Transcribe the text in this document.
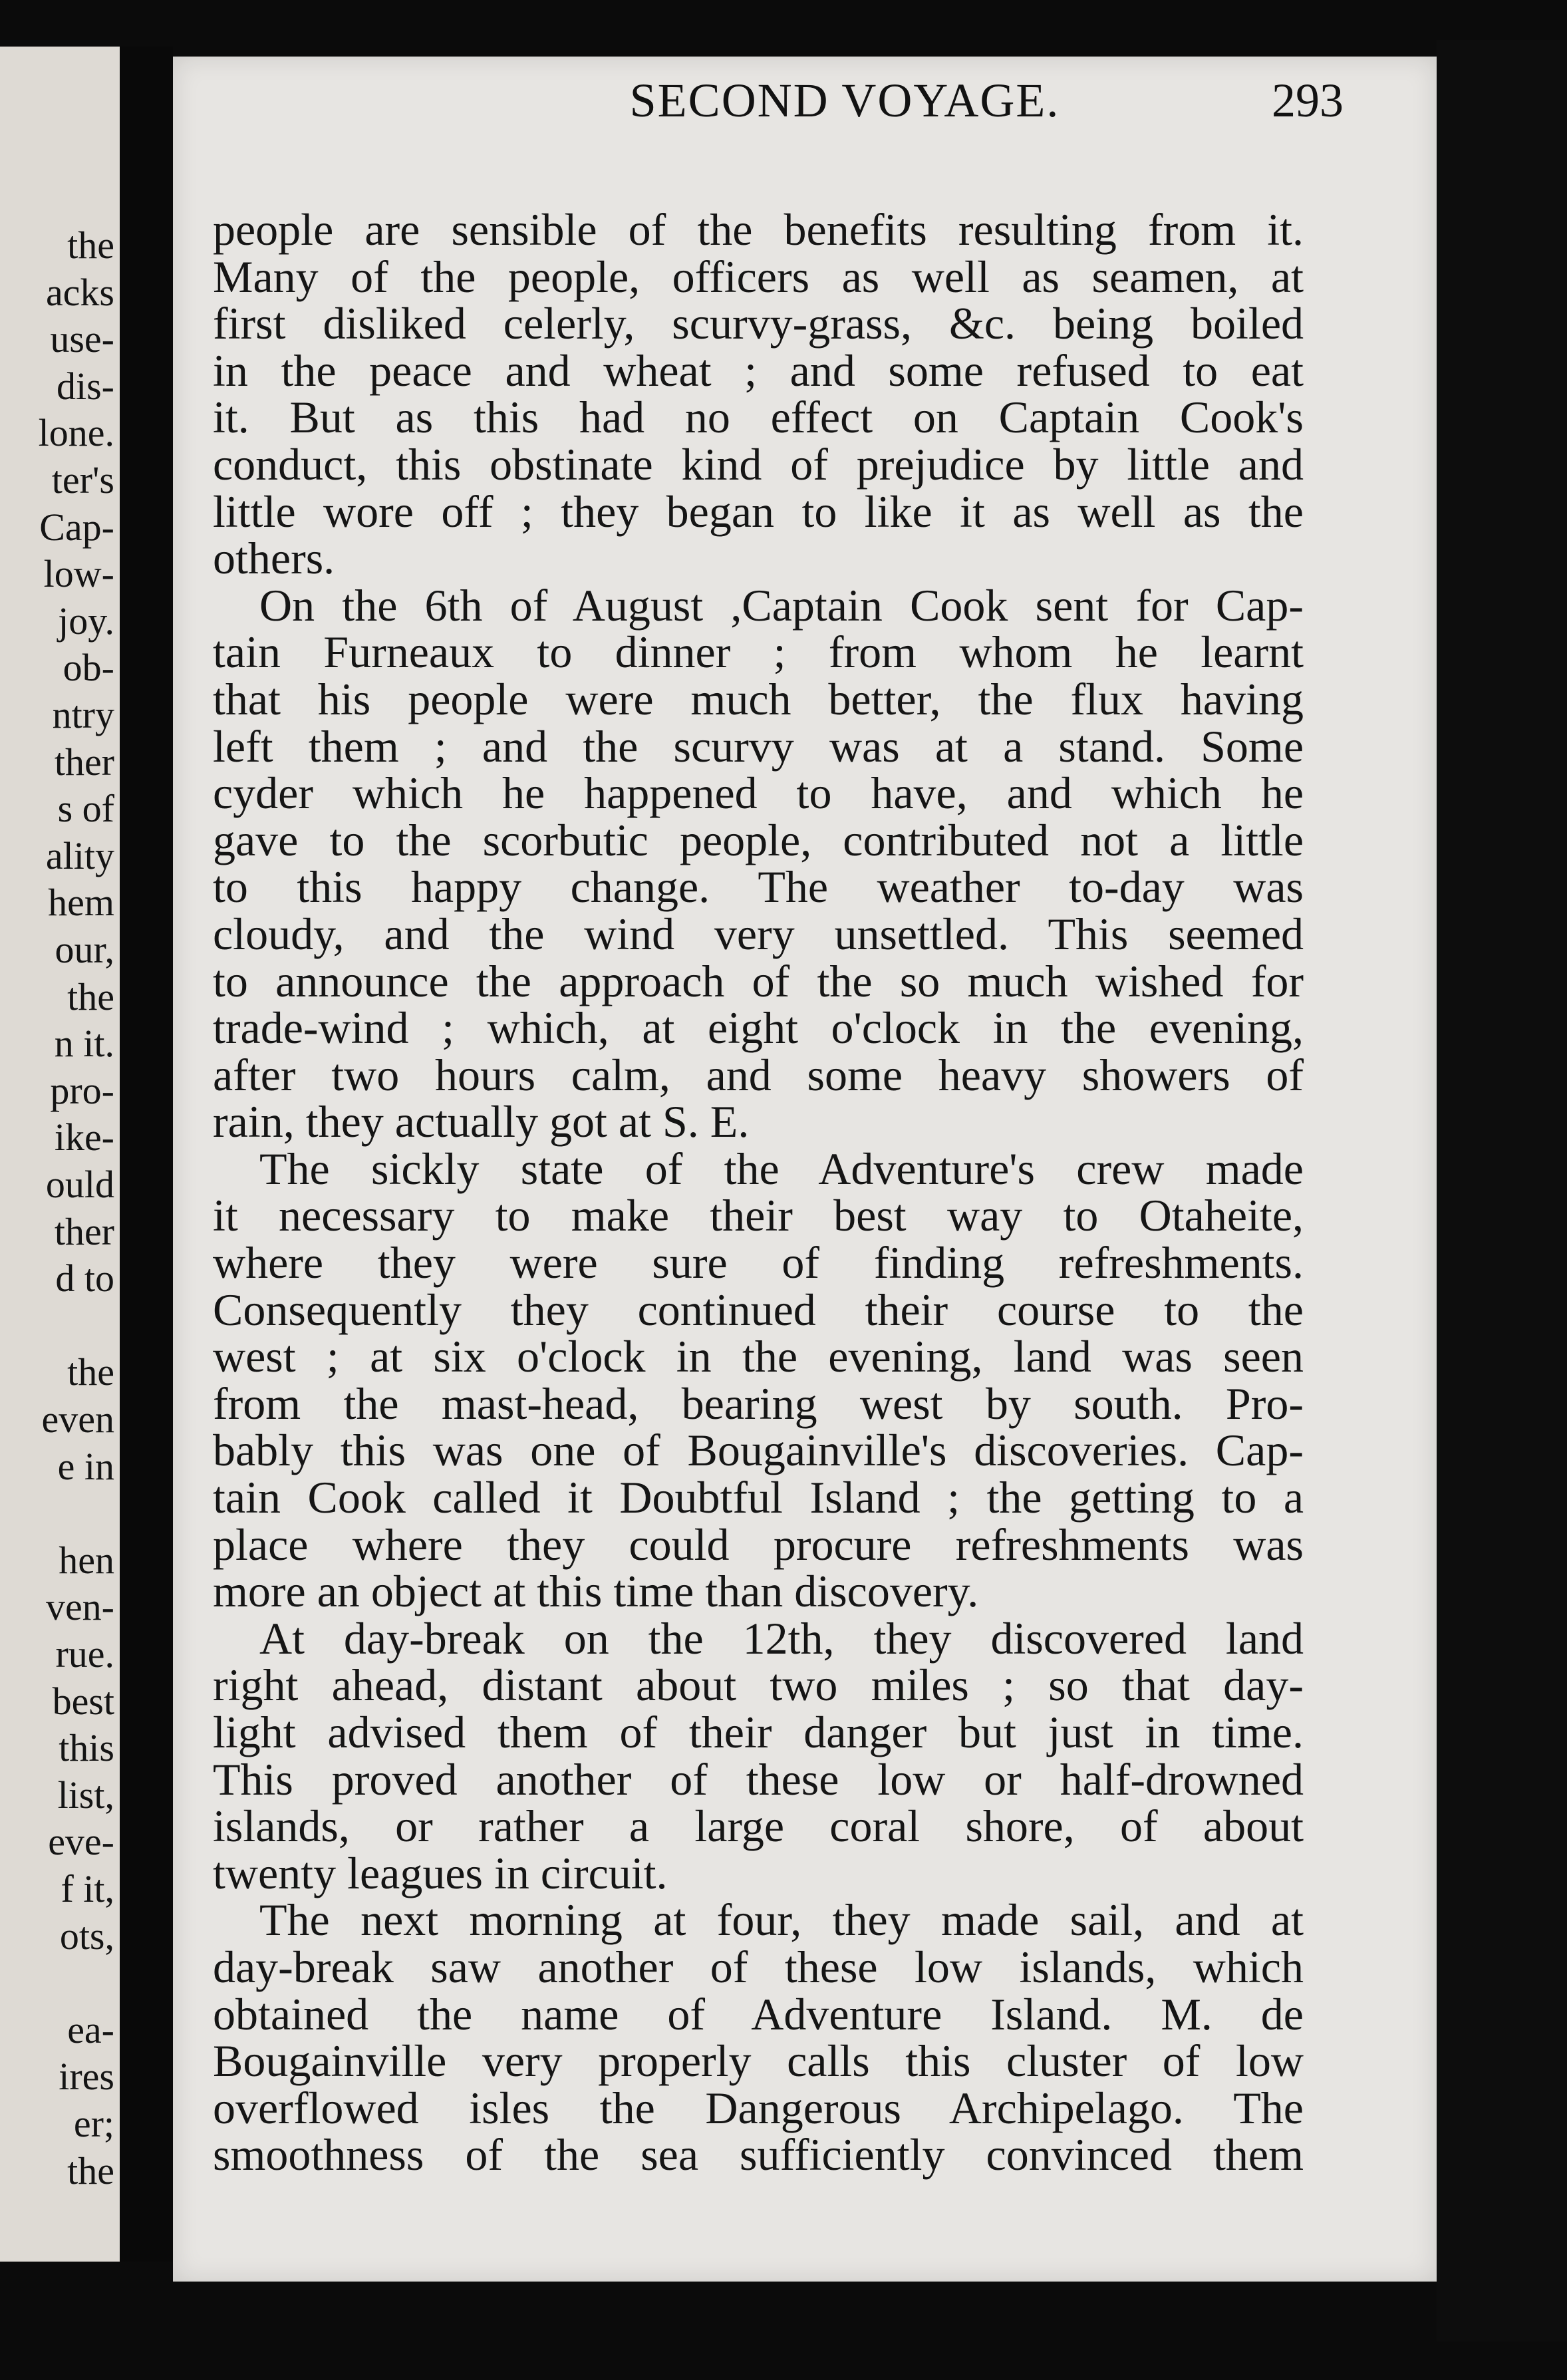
the
acks
use-
dis-
lone.
ter's
Cap-
low-
joy.
ob-
ntry
ther
s of
ality
hem
our,
the
n it.
pro-
ike-
ould
ther
d to
the
even
e in
hen
ven-
rue.
best
this
list,
eve-
f it,
ots,
ea-
ires
er;
the
SECOND VOYAGE.	293
people are sensible of the benefits resulting from it.
Many of the people, officers as well as seamen, at
first disliked celerly, scurvy-grass, &c. being boiled
in the peace and wheat ; and some refused to eat
it. But as this had no effect on Captain Cook's
conduct, this obstinate kind of prejudice by little and
little wore off ; they began to like it as well as the
others.
On the 6th of August ,Captain Cook sent for Cap-
tain Furneaux to dinner ; from whom he learnt
that his people were much better, the flux having
left them ; and the scurvy was at a stand. Some
cyder which he happened to have, and which he
gave to the scorbutic people, contributed not a little
to this happy change. The weather to-day was
cloudy, and the wind very unsettled. This seemed
to announce the approach of the so much wished for
trade-wind ; which, at eight o'clock in the evening,
after two hours calm, and some heavy showers of
rain, they actually got at S. E.
The sickly state of the Adventure's crew made
it necessary to make their best way to Otaheite,
where they were sure of finding refreshments.
Consequently they continued their course to the
west ; at six o'clock in the evening, land was seen
from the mast-head, bearing west by south. Pro-
bably this was one of Bougainville's discoveries. Cap-
tain Cook called it Doubtful Island ; the getting to a
place where they could procure refreshments was
more an object at this time than discovery.
At day-break on the 12th, they discovered land
right ahead, distant about two miles ; so that day-
light advised them of their danger but just in time.
This proved another of these low or half-drowned
islands, or rather a large coral shore, of about
twenty leagues in circuit.
The next morning at four, they made sail, and at
day-break saw another of these low islands, which
obtained the name of Adventure Island. M. de
Bougainville very properly calls this cluster of low
overflowed isles the Dangerous Archipelago. The
smoothness of the sea sufficiently convinced them
